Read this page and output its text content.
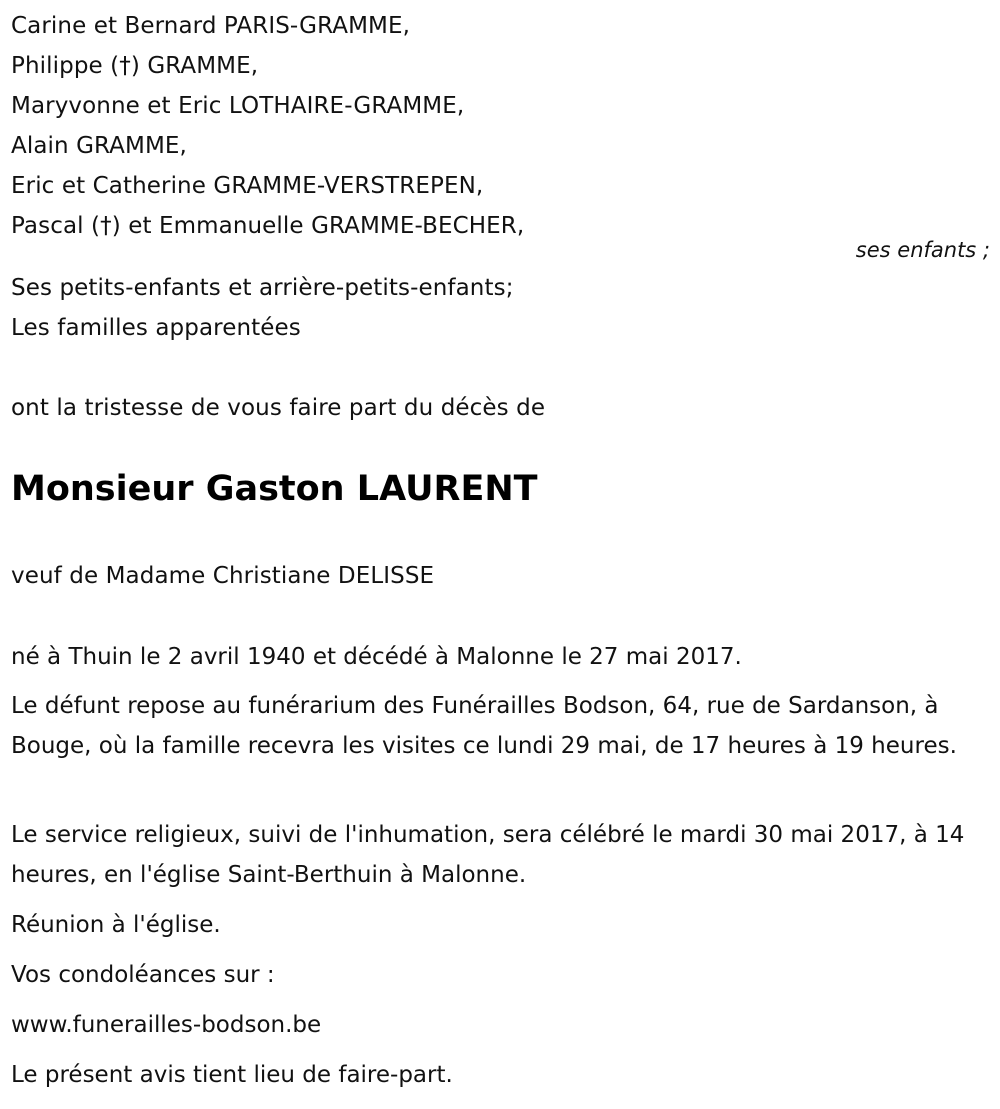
Carine et Bernard PARIS-GRAMME,
Philippe (†) GRAMME,
Maryvonne et Eric LOTHAIRE-GRAMME,
Alain GRAMME,
Eric et Catherine GRAMME-VERSTREPEN,
Pascal (†) et Emmanuelle GRAMME-BECHER,
ses enfants ;
Ses petits-enfants et arrière-petits-enfants;
Les familles apparentées
ont la tristesse de vous faire part du décès de
Monsieur Gaston LAURENT
veuf de Madame Christiane DELISSE
né à Thuin le 2 avril 1940 et décédé à Malonne le 27 mai 2017.
Le défunt repose au funérarium des Funérailles Bodson, 64, rue de Sardanson, à Bouge, où la famille recevra les visites ce lundi 29 mai, de 17 heures à 19 heures.
Le service religieux, suivi de l'inhumation, sera célébré le mardi 30 mai 2017, à 14 heures, en l'église Saint-Berthuin à Malonne.
Réunion à l'église.
Vos condoléances sur :
www.funerailles-bodson.be
Le présent avis tient lieu de faire-part.
